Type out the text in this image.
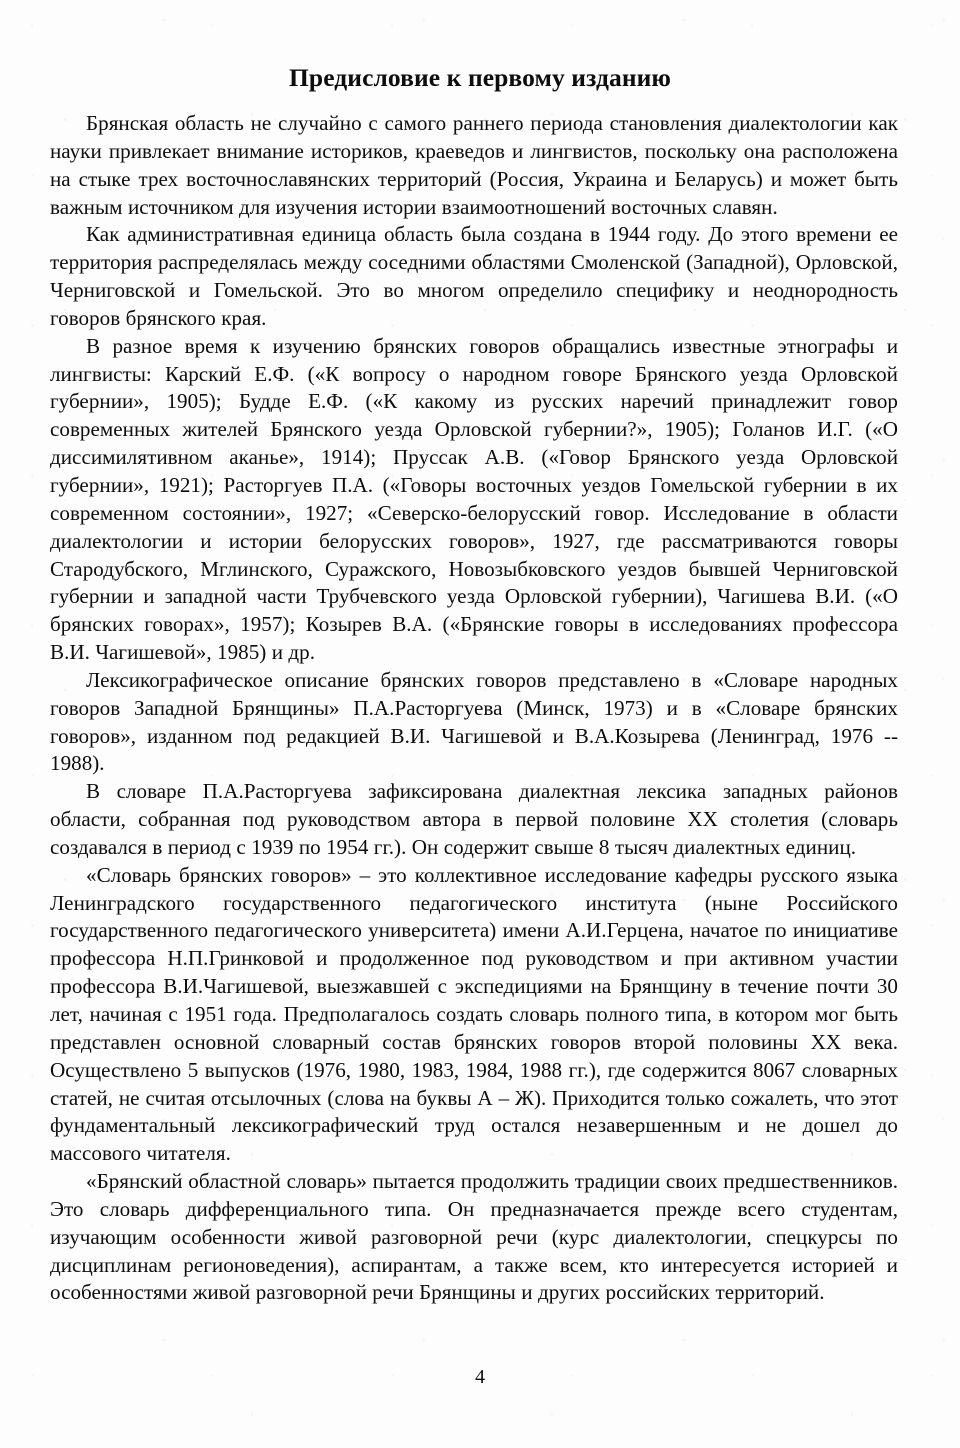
Предисловие к первому изданию

Брянская область не случайно с самого раннего периода становления диалектологии как науки привлекает внимание историков, краеведов и лингвистов, поскольку она расположена на стыке трех восточнославянских территорий (Россия, Украина и Беларусь) и может быть важным источником для изучения истории взаимоотношений восточных славян.

Как административная единица область была создана в 1944 году. До этого времени ее территория распределялась между соседними областями Смоленской (Западной), Орловской, Черниговской и Гомельской. Это во многом определило специфику и неоднородность говоров брянского края.

В разное время к изучению брянских говоров обращались известные этнографы и лингвисты: Карский Е.Ф. («К вопросу о народном говоре Брянского уезда Орловской губернии», 1905); Будде Е.Ф. («К какому из русских наречий принадлежит говор современных жителей Брянского уезда Орловской губернии?», 1905); Голанов И.Г. («О диссимилятивном аканье», 1914); Пруссак А.В. («Говор Брянского уезда Орловской губернии», 1921); Расторгуев П.А. («Говоры восточных уездов Гомельской губернии в их современном состоянии», 1927; «Северско-белорусский говор. Исследование в области диалектологии и истории белорусских говоров», 1927, где рассматриваются говоры Стародубского, Мглинского, Суражского, Новозыбковского уездов бывшей Черниговской губернии и западной части Трубчевского уезда Орловской губернии), Чагишева В.И. («О брянских говорах», 1957); Козырев В.А. («Брянские говоры в исследованиях профессора В.И. Чагишевой», 1985) и др.

Лексикографическое описание брянских говоров представлено в «Словаре народных говоров Западной Брянщины» П.А.Расторгуева (Минск, 1973) и в «Словаре брянских говоров», изданном под редакцией В.И. Чагишевой и В.А.Козырева (Ленинград, 1976 -- 1988).

В словаре П.А.Расторгуева зафиксирована диалектная лексика западных районов области, собранная под руководством автора в первой половине XX столетия (словарь создавался в период с 1939 по 1954 гг.). Он содержит свыше 8 тысяч диалектных единиц.

«Словарь брянских говоров» – это коллективное исследование кафедры русского языка Ленинградского государственного педагогического института (ныне Российского государственного педагогического университета) имени А.И.Герцена, начатое по инициативе профессора Н.П.Гринковой и продолженное под руководством и при активном участии профессора В.И.Чагишевой, выезжавшей с экспедициями на Брянщину в течение почти 30 лет, начиная с 1951 года. Предполагалось создать словарь полного типа, в котором мог быть представлен основной словарный состав брянских говоров второй половины XX века. Осуществлено 5 выпусков (1976, 1980, 1983, 1984, 1988 гг.), где содержится 8067 словарных статей, не считая отсылочных (слова на буквы А – Ж). Приходится только сожалеть, что этот фундаментальный лексикографический труд остался незавершенным и не дошел до массового читателя.

«Брянский областной словарь» пытается продолжить традиции своих предшественников. Это словарь дифференциального типа. Он предназначается прежде всего студентам, изучающим особенности живой разговорной речи (курс диалектологии, спецкурсы по дисциплинам регионоведения), аспирантам, а также всем, кто интересуется историей и особенностями живой разговорной речи Брянщины и других российских территорий.

4
